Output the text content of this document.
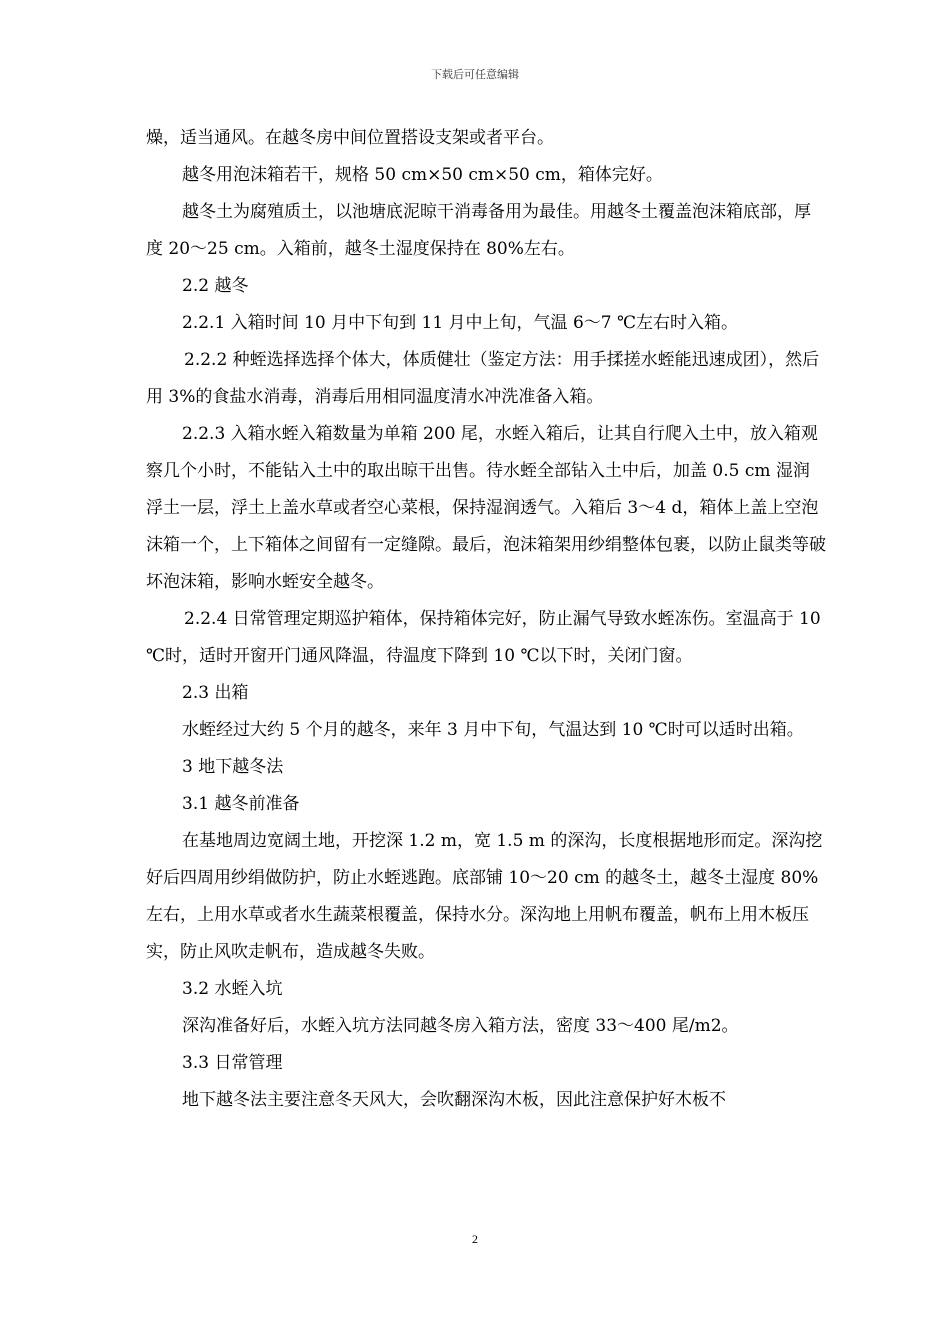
下载后可任意编辑

燥，适当通风。在越冬房中间位置搭设支架或者平台。

越冬用泡沫箱若干，规格 50 cm×50 cm×50 cm，箱体完好。

越冬土为腐殖质土，以池塘底泥晾干消毒备用为最佳。用越冬土覆盖泡沫箱底部，厚度 20～25 cm。入箱前，越冬土湿度保持在 80%左右。

2.2 越冬

2.2.1 入箱时间 10 月中下旬到 11 月中上旬，气温 6～7 ℃左右时入箱。

2.2.2 种蛭选择选择个体大，体质健壮（鉴定方法：用手揉搓水蛭能迅速成团），然后用 3%的食盐水消毒，消毒后用相同温度清水冲洗准备入箱。

2.2.3 入箱水蛭入箱数量为单箱 200 尾，水蛭入箱后，让其自行爬入土中，放入箱观察几个小时，不能钻入土中的取出晾干出售。待水蛭全部钻入土中后，加盖 0.5 cm 湿润浮土一层，浮土上盖水草或者空心菜根，保持湿润透气。入箱后 3～4 d，箱体上盖上空泡沫箱一个，上下箱体之间留有一定缝隙。最后，泡沫箱架用纱绢整体包裹，以防止鼠类等破坏泡沫箱，影响水蛭安全越冬。

2.2.4 日常管理定期巡护箱体，保持箱体完好，防止漏气导致水蛭冻伤。室温高于 10 ℃时，适时开窗开门通风降温，待温度下降到 10 ℃以下时，关闭门窗。

2.3 出箱

水蛭经过大约 5 个月的越冬，来年 3 月中下旬，气温达到 10 ℃时可以适时出箱。

3 地下越冬法

3.1 越冬前准备

在基地周边宽阔土地，开挖深 1.2 m，宽 1.5 m 的深沟，长度根据地形而定。深沟挖好后四周用纱绢做防护，防止水蛭逃跑。底部铺 10～20 cm 的越冬土，越冬土湿度 80%左右，上用水草或者水生蔬菜根覆盖，保持水分。深沟地上用帆布覆盖，帆布上用木板压实，防止风吹走帆布，造成越冬失败。

3.2 水蛭入坑

深沟准备好后，水蛭入坑方法同越冬房入箱方法，密度 33～400 尾/m2。

3.3 日常管理

地下越冬法主要注意冬天风大，会吹翻深沟木板，因此注意保护好木板不

2
